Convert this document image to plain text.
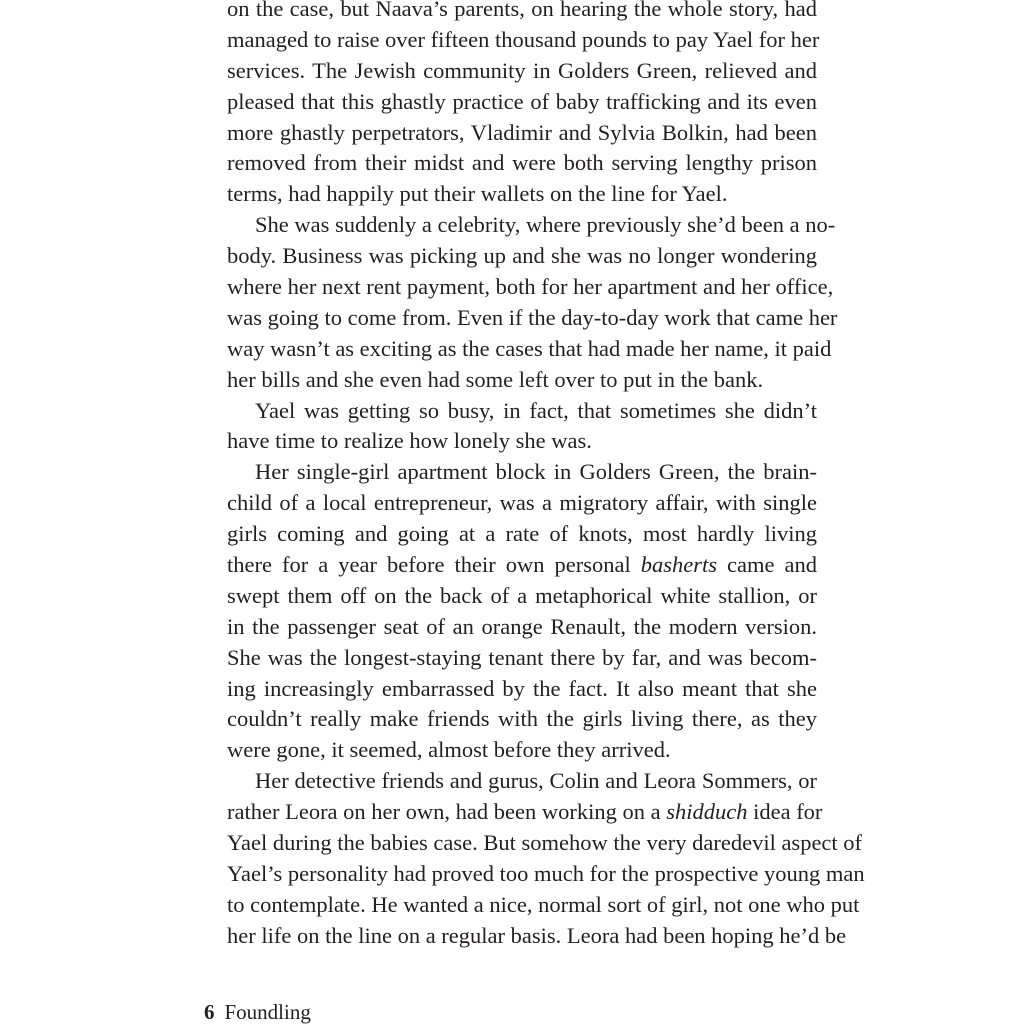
on the case, but Naava’s parents, on hearing the whole story, had
managed to raise over fifteen thousand pounds to pay Yael for her
services. The Jewish community in Golders Green, relieved and
pleased that this ghastly practice of baby trafficking and its even
more ghastly perpetrators, Vladimir and Sylvia Bolkin, had been
removed from their midst and were both serving lengthy prison
terms, had happily put their wallets on the line for Yael.
She was suddenly a celebrity, where previously she’d been a no-
body. Business was picking up and she was no longer wondering
where her next rent payment, both for her apartment and her office,
was going to come from. Even if the day-to-day work that came her
way wasn’t as exciting as the cases that had made her name, it paid
her bills and she even had some left over to put in the bank.
Yael was getting so busy, in fact, that sometimes she didn’t
have time to realize how lonely she was.
Her single-girl apartment block in Golders Green, the brain-
child of a local entrepreneur, was a migratory affair, with single
girls coming and going at a rate of knots, most hardly living
there for a year before their own personal basherts came and
swept them off on the back of a metaphorical white stallion, or
in the passenger seat of an orange Renault, the modern version.
She was the longest-staying tenant there by far, and was becom-
ing increasingly embarrassed by the fact. It also meant that she
couldn’t really make friends with the girls living there, as they
were gone, it seemed, almost before they arrived.
Her detective friends and gurus, Colin and Leora Sommers, or
rather Leora on her own, had been working on a shidduch idea for
Yael during the babies case. But somehow the very daredevil aspect of
Yael’s personality had proved too much for the prospective young man
to contemplate. He wanted a nice, normal sort of girl, not one who put
her life on the line on a regular basis. Leora had been hoping he’d be
6 Foundling
